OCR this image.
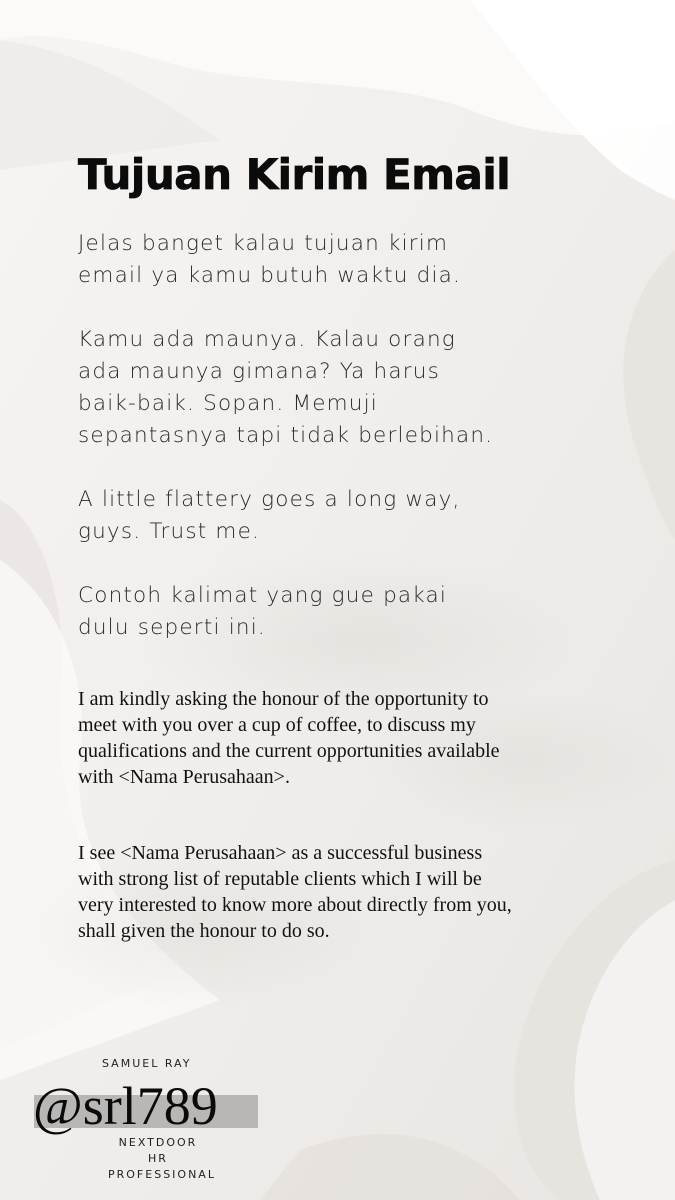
Tujuan Kirim Email
Jelas banget kalau tujuan kirim
email ya kamu butuh waktu dia.
Kamu ada maunya. Kalau orang
ada maunya gimana? Ya harus
baik-baik. Sopan. Memuji
sepantasnya tapi tidak berlebihan.
A little flattery goes a long way,
guys. Trust me.
Contoh kalimat yang gue pakai
dulu seperti ini.
I am kindly asking the honour of the opportunity to
meet with you over a cup of coffee, to discuss my
qualifications and the current opportunities available
with <Nama Perusahaan>.
I see <Nama Perusahaan> as a successful business
with strong list of reputable clients which I will be
very interested to know more about directly from you,
shall given the honour to do so.
SAMUEL RAY
@srl789
NEXTDOOR
HR PROFESSIONAL
